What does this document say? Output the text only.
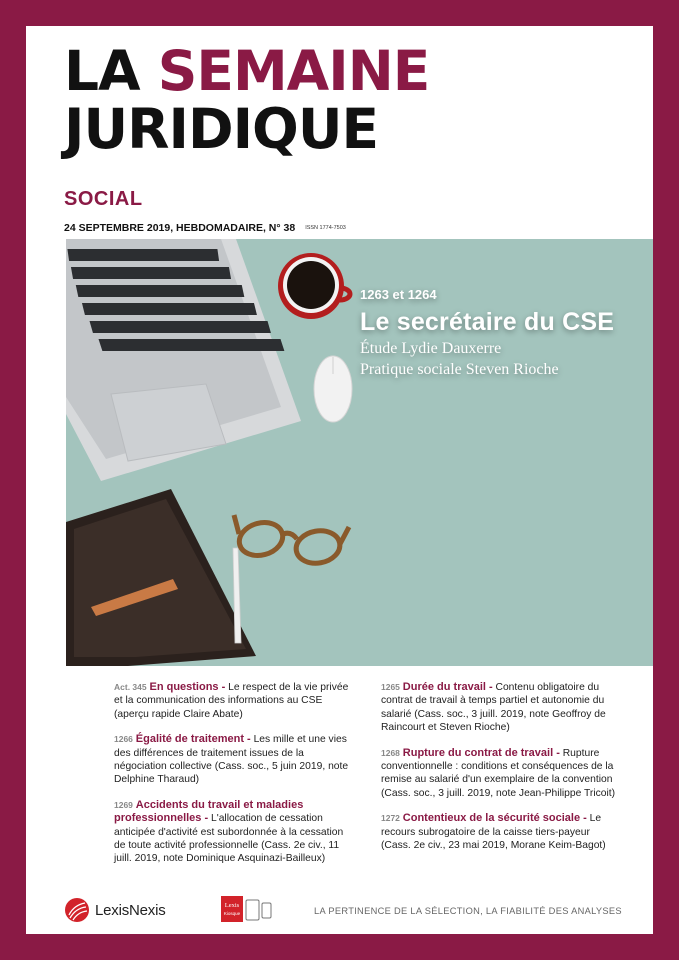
LA SEMAINE
JURIDIQUE
SOCIAL
24 SEPTEMBRE 2019, HEBDOMADAIRE, N° 38 ISSN 1774-7503
1263 et 1264
Le secrétaire du CSE
Étude Lydie Dauxerre
Pratique sociale Steven Rioche
Act. 345 En questions - Le respect de la vie privée et la communication des informations au CSE (aperçu rapide Claire Abate)
1266 Égalité de traitement - Les mille et une vies des différences de traitement issues de la négociation collective (Cass. soc., 5 juin 2019, note Delphine Tharaud)
1269 Accidents du travail et maladies professionnelles - L'allocation de cessation anticipée d'activité est subordonnée à la cessation de toute activité professionnelle (Cass. 2e civ., 11 juill. 2019, note Dominique Asquinazi-Bailleux)
1265 Durée du travail - Contenu obligatoire du contrat de travail à temps partiel et autonomie du salarié (Cass. soc., 3 juill. 2019, note Geoffroy de Raincourt et Steven Rioche)
1268 Rupture du contrat de travail - Rupture conventionnelle : conditions et conséquences de la remise au salarié d'un exemplaire de la convention (Cass. soc., 3 juill. 2019, note Jean-Philippe Tricoit)
1272 Contentieux de la sécurité sociale - Le recours subrogatoire de la caisse tiers-payeur (Cass. 2e civ., 23 mai 2019, Morane Keim-Bagot)
LexisNexis	Lexis
Kiosque	LA PERTINENCE DE LA SÉLECTION, LA FIABILITÉ DES ANALYSES
